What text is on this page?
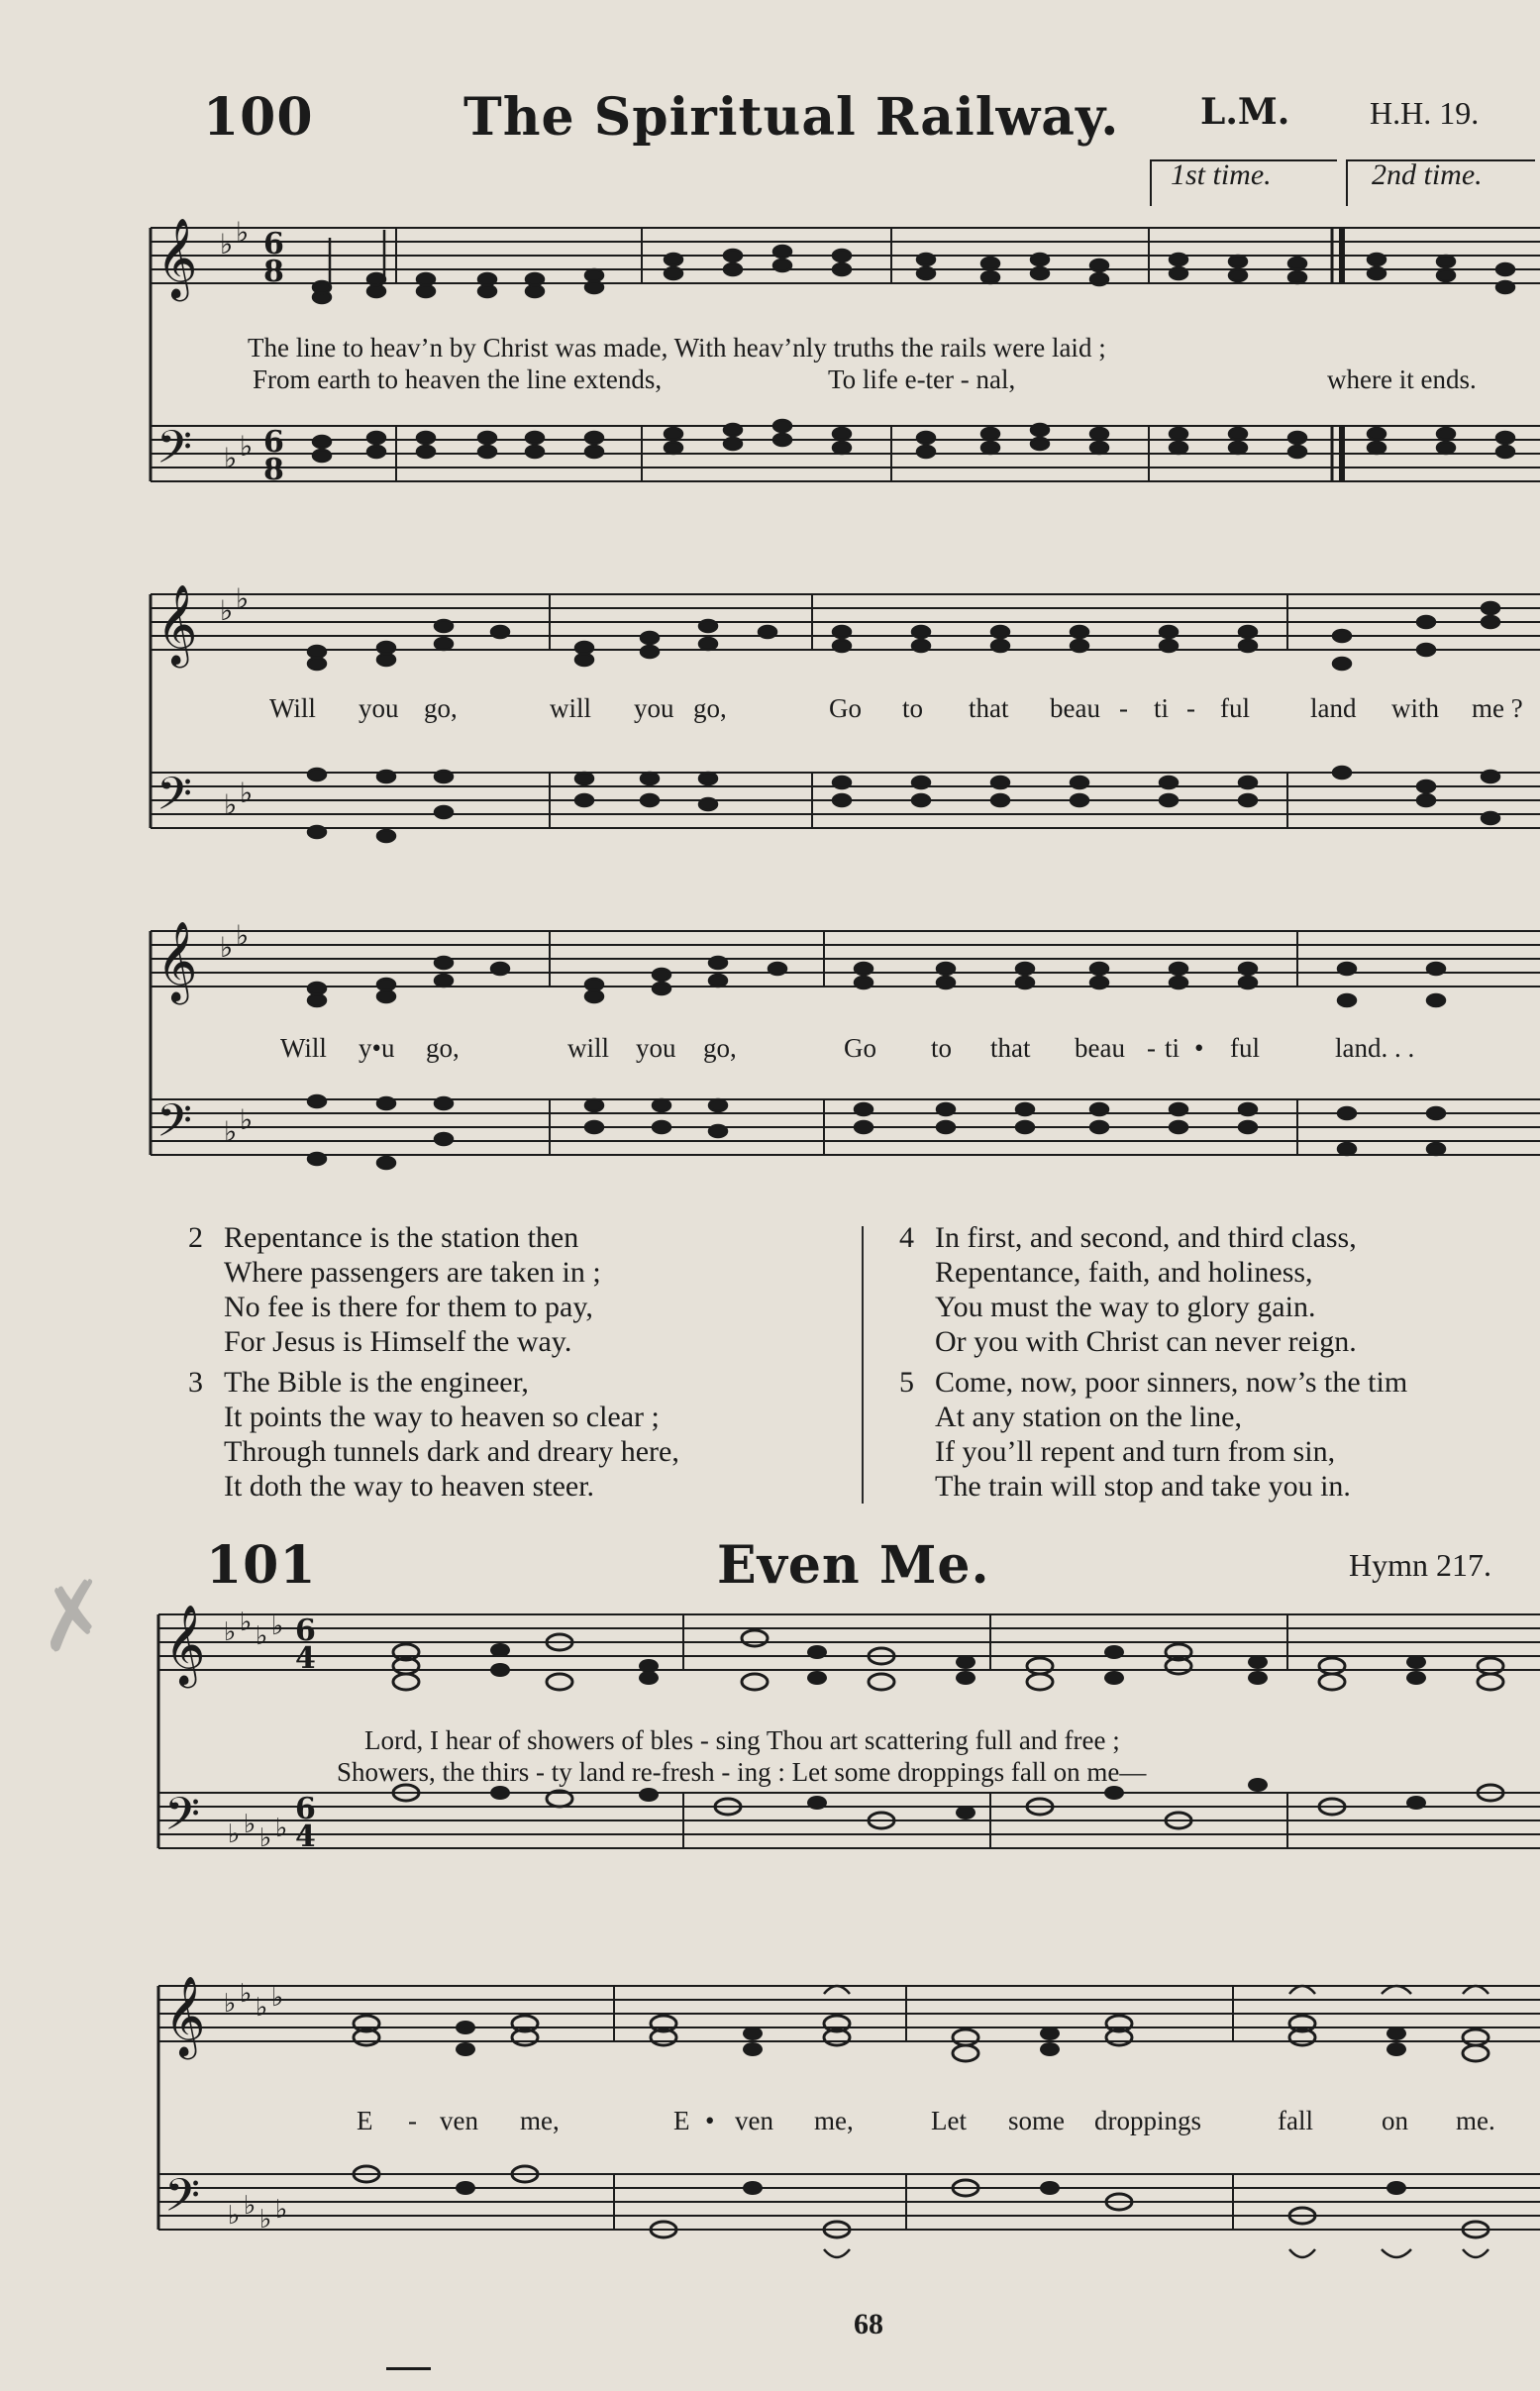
100	The Spiritual Railway. L.M.	H.H. 19.
1st time.	2nd time.
𝄞
𝄢
♭ ♭
♭ ♭
6
8
6
8
The line to heav’n by Christ was made, With heav’nly truths the rails were laid ;
From earth to heaven the line extends,	To life e-ter - nal,	where it ends.
𝄞
𝄢
♭ ♭
♭ ♭
Will you go,	will you go,	Go to that beau - ti - ful land with me ?
𝄞
𝄢
♭ ♭
♭ ♭
Will y•u go,	will you go,	Go to that beau - ti • ful	land. . .
2 Repentance is the station then
Where passengers are taken in ;
No fee is there for them to pay,
For Jesus is Himself the way.
3 The Bible is the engineer,
It points the way to heaven so clear ;
Through tunnels dark and dreary here,
It doth the way to heaven steer.
4 In first, and second, and third class,
Repentance, faith, and holiness,
You must the way to glory gain.
Or you with Christ can never reign.
5 Come, now, poor sinners, now’s the tim
At any station on the line,
If you’ll repent and turn from sin,
The train will stop and take you in.
✗ 101	Even Me.	Hymn 217.
𝄞
𝄢
♭ ♭ ♭ ♭
♭ ♭ ♭ ♭
6
4
6
4
Lord, I hear of showers of bles - sing Thou art scattering full and free ;
Showers, the thirs - ty land re-fresh - ing : Let some droppings fall on me—
𝄞
𝄢
♭ ♭ ♭ ♭
♭ ♭ ♭ ♭
E - ven me,	E • ven me,	Let some droppings	fall	on me.
68
